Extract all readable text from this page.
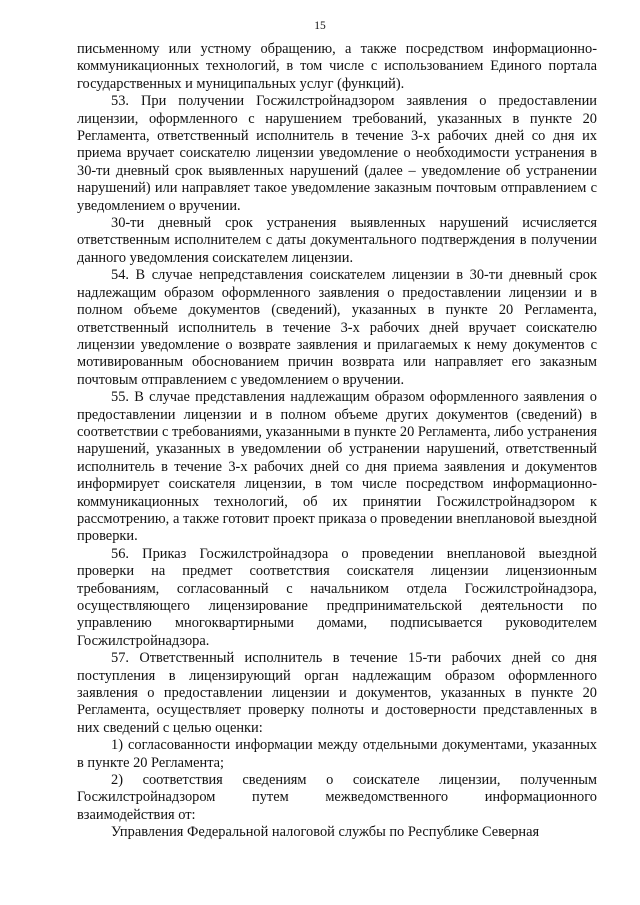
15

письменному или устному обращению, а также посредством информационно-коммуникационных технологий, в том числе с использованием Единого портала государственных и муниципальных услуг (функций).

53. При получении Госжилстройнадзором заявления о предоставлении лицензии, оформленного с нарушением требований, указанных в пункте 20 Регламента, ответственный исполнитель в течение 3-х рабочих дней со дня их приема вручает соискателю лицензии уведомление о необходимости устранения в 30-ти дневный срок выявленных нарушений (далее – уведомление об устранении нарушений) или направляет такое уведомление заказным почтовым отправлением с уведомлением о вручении.

30-ти дневный срок устранения выявленных нарушений исчисляется ответственным исполнителем с даты документального подтверждения в получении данного уведомления соискателем лицензии.

54. В случае непредставления соискателем лицензии в 30-ти дневный срок надлежащим образом оформленного заявления о предоставлении лицензии и в полном объеме документов (сведений), указанных в пункте 20 Регламента, ответственный исполнитель в течение 3-х рабочих дней вручает соискателю лицензии уведомление о возврате заявления и прилагаемых к нему документов с мотивированным обоснованием причин возврата или направляет его заказным почтовым отправлением с уведомлением о вручении.

55. В случае представления надлежащим образом оформленного заявления о предоставлении лицензии и в полном объеме других документов (сведений) в соответствии с требованиями, указанными в пункте 20 Регламента, либо устранения нарушений, указанных в уведомлении об устранении нарушений, ответственный исполнитель в течение 3-х рабочих дней со дня приема заявления и документов информирует соискателя лицензии, в том числе посредством информационно-коммуникационных технологий, об их принятии Госжилстройнадзором к рассмотрению, а также готовит проект приказа о проведении внеплановой выездной проверки.

56. Приказ Госжилстройнадзора о проведении внеплановой выездной проверки на предмет соответствия соискателя лицензии лицензионным требованиям, согласованный с начальником отдела Госжилстройнадзора, осуществляющего лицензирование предпринимательской деятельности по управлению многоквартирными домами, подписывается руководителем Госжилстройнадзора.

57. Ответственный исполнитель в течение 15-ти рабочих дней со дня поступления в лицензирующий орган надлежащим образом оформленного заявления о предоставлении лицензии и документов, указанных в пункте 20 Регламента, осуществляет проверку полноты и достоверности представленных в них сведений с целью оценки:

1) согласованности информации между отдельными документами, указанных в пункте 20 Регламента;

2) соответствия сведениям о соискателе лицензии, полученным Госжилстройнадзором путем межведомственного информационного взаимодействия от:

Управления Федеральной налоговой службы по Республике Северная
